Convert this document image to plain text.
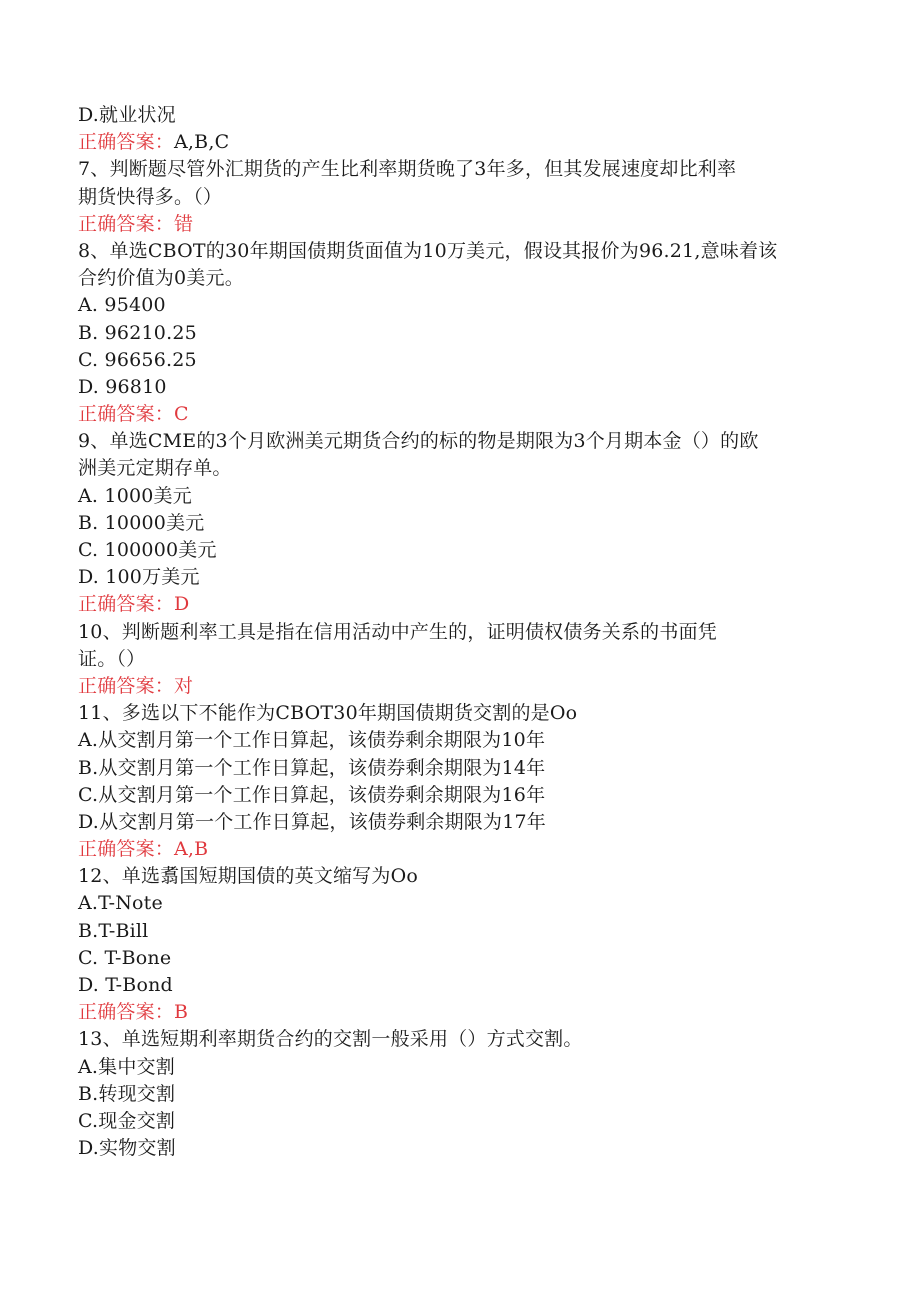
D.就业状况
正确答案：A,B,C
7、判断题尽管外汇期货的产生比利率期货晚了3年多，但其发展速度却比利率
期货快得多。（）
正确答案：错
8、单选CBOT的30年期国债期货面值为10万美元，假设其报价为96.21,意味着该
合约价值为0美元。
A. 95400
B. 96210.25
C. 96656.25
D. 96810
正确答案：C
9、单选CME的3个月欧洲美元期货合约的标的物是期限为3个月期本金（）的欧
洲美元定期存单。
A. 1000美元
B. 10000美元
C. 100000美元
D. 100万美元
正确答案：D
10、判断题利率工具是指在信用活动中产生的，证明债权债务关系的书面凭
证。（）
正确答案：对
11、多选以下不能作为CBOT30年期国债期货交割的是Oo
A.从交割月第一个工作日算起，该债券剩余期限为10年
B.从交割月第一个工作日算起，该债券剩余期限为14年
C.从交割月第一个工作日算起，该债券剩余期限为16年
D.从交割月第一个工作日算起，该债券剩余期限为17年
正确答案：A,B
12、单选翥国短期国债的英文缩写为Oo
A.T-Note
B.T-Bill
C. T-Bone
D. T-Bond
正确答案：B
13、单选短期利率期货合约的交割一般采用（）方式交割。
A.集中交割
B.转现交割
C.现金交割
D.实物交割
